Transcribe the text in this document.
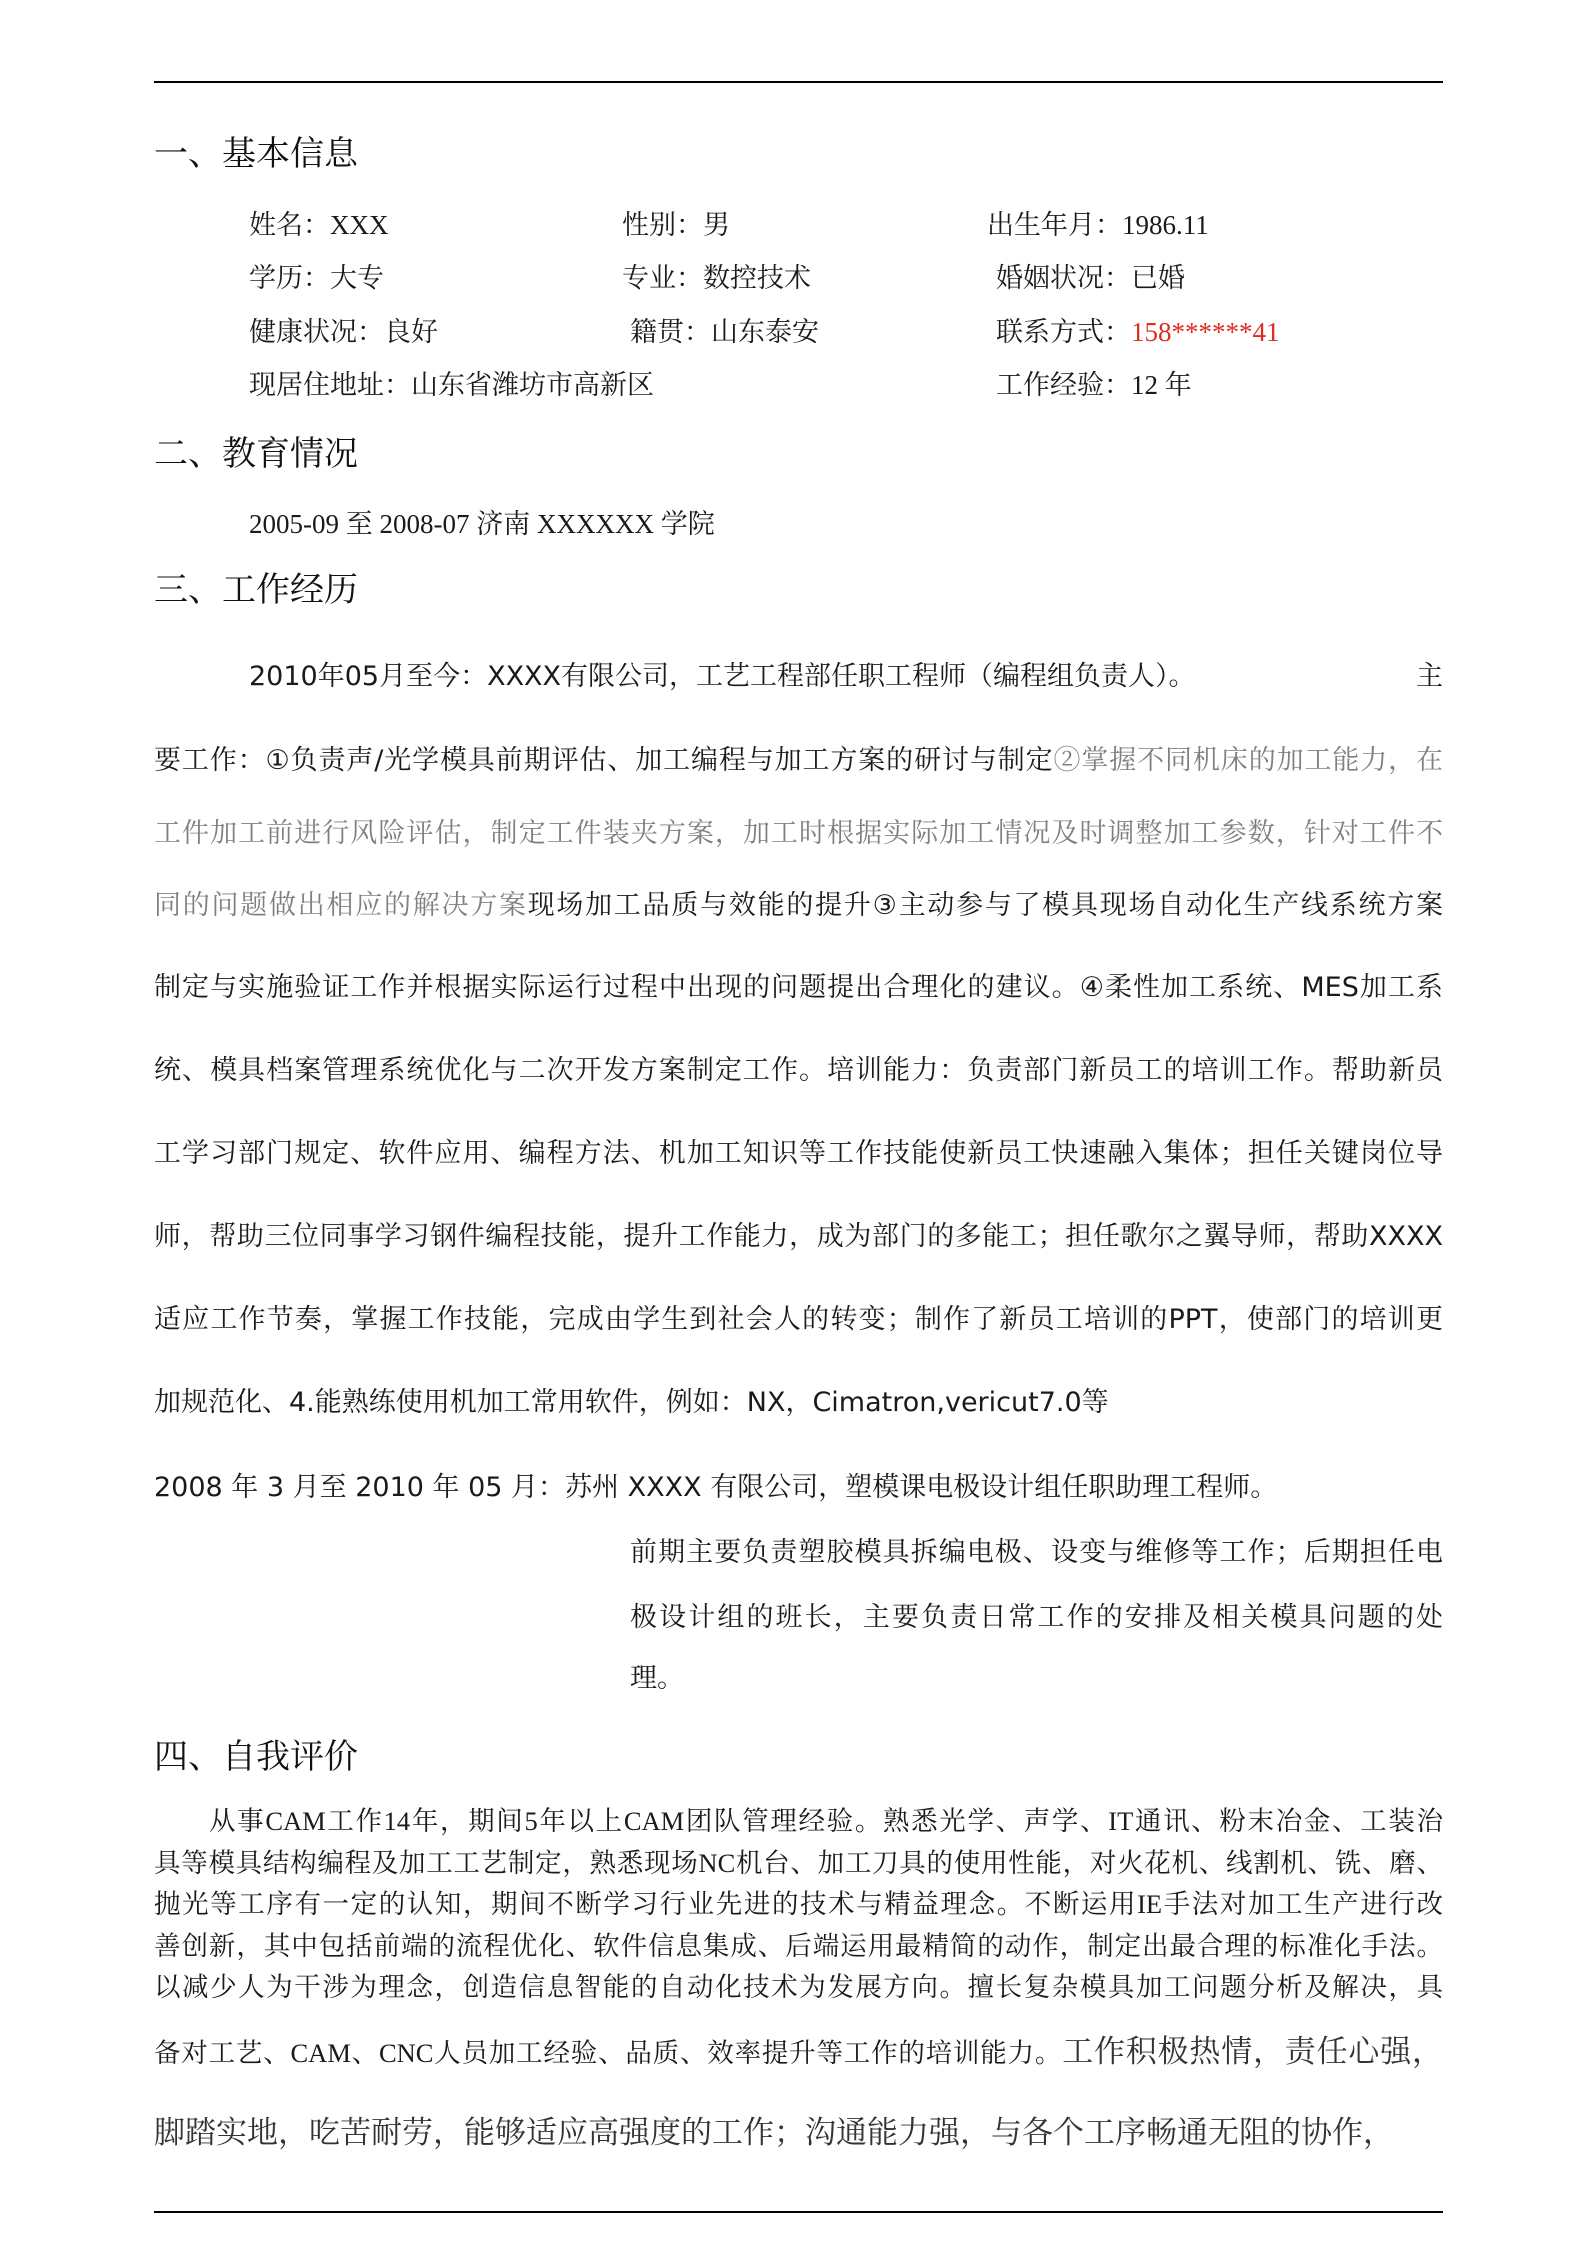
一、基本信息
姓名：XXX	性别：男	出生年月：1986.11
学历：大专	专业：数控技术	婚姻状况：已婚
健康状况：良好	籍贯：山东泰安	联系方式：158******41
现居住地址：山东省潍坊市高新区	工作经验：12 年
二、教育情况
2005-09 至 2008-07 济南 XXXXXX 学院
三、工作经历
2010年05月至今：XXXX有限公司，工艺工程部任职工程师（编程组负责人）。	主
要工作：①负责声/光学模具前期评估、加工编程与加工方案的研讨与制定②掌握不同机床的加工能力，在
工件加工前进行风险评估，制定工件装夹方案，加工时根据实际加工情况及时调整加工参数，针对工件不
同的问题做出相应的解决方案现场加工品质与效能的提升③主动参与了模具现场自动化生产线系统方案
制定与实施验证工作并根据实际运行过程中出现的问题提出合理化的建议。④柔性加工系统、MES加工系
统、模具档案管理系统优化与二次开发方案制定工作。培训能力：负责部门新员工的培训工作。帮助新员
工学习部门规定、软件应用、编程方法、机加工知识等工作技能使新员工快速融入集体；担任关键岗位导
师，帮助三位同事学习钢件编程技能，提升工作能力，成为部门的多能工；担任歌尔之翼导师，帮助XXXX
适应工作节奏，掌握工作技能，完成由学生到社会人的转变；制作了新员工培训的PPT，使部门的培训更
加规范化、4.能熟练使用机加工常用软件，例如：NX，Cimatron,vericut7.0等
2008 年 3 月至 2010 年 05 月：苏州 XXXX 有限公司，塑模课电极设计组任职助理工程师。
前期主要负责塑胶模具拆编电极、设变与维修等工作；后期担任电
极设计组的班长，主要负责日常工作的安排及相关模具问题的处
理。
四、自我评价
从事CAM工作14年，期间5年以上CAM团队管理经验。熟悉光学、声学、IT通讯、粉末冶金、工装治
具等模具结构编程及加工工艺制定，熟悉现场NC机台、加工刀具的使用性能，对火花机、线割机、铣、磨、
抛光等工序有一定的认知，期间不断学习行业先进的技术与精益理念。不断运用IE手法对加工生产进行改
善创新，其中包括前端的流程优化、软件信息集成、后端运用最精简的动作，制定出最合理的标准化手法。
以减少人为干涉为理念，创造信息智能的自动化技术为发展方向。擅长复杂模具加工问题分析及解决，具
备对工艺、CAM、CNC人员加工经验、品质、效率提升等工作的培训能力。工作积极热情，责任心强，
脚踏实地，吃苦耐劳，能够适应高强度的工作；沟通能力强，与各个工序畅通无阻的协作，
